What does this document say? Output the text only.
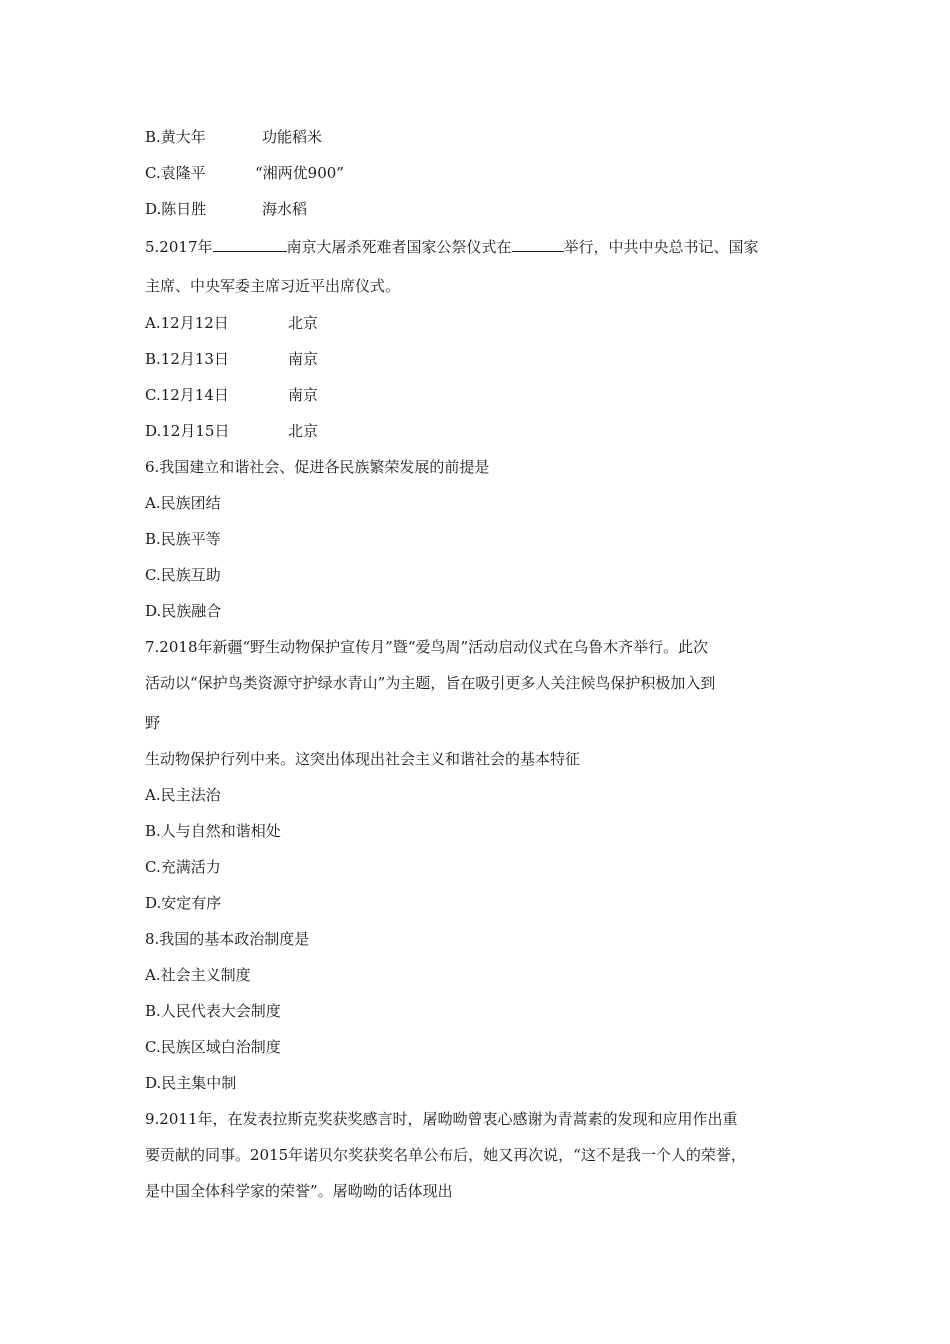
B.黄大年	功能稻米
C.袁隆平	“湘两优900”
D.陈日胜	海水稻
5.2017年	南京大屠杀死难者国家公祭仪式在	举行，中共中央总书记、国家
主席、中央军委主席习近平出席仪式。
A.12月12日	北京
B.12月13日	南京
C.12月14日	南京
D.12月15日	北京
6.我国建立和谐社会、促进各民族繁荣发展的前提是
A.民族团结
B.民族平等
C.民族互助
D.民族融合
7.2018年新疆“野生动物保护宣传月”暨“爱鸟周”活动启动仪式在乌鲁木齐举行。此次
活动以“保护鸟类资源守护绿水青山”为主题，旨在吸引更多人关注候鸟保护积极加入到
野
生动物保护行列中来。这突出体现出社会主义和谐社会的基本特征
A.民主法治
B.人与自然和谐相处
C.充满活力
D.安定有序
8.我国的基本政治制度是
A.社会主义制度
B.人民代表大会制度
C.民族区域白治制度
D.民主集中制
9.2011年，在发表拉斯克奖获奖感言时，屠呦呦曾衷心感谢为青蒿素的发现和应用作出重
要贡献的同事。2015年诺贝尔奖获奖名单公布后，她又再次说，“这不是我一个人的荣誉，
是中国全体科学家的荣誉”。屠呦呦的话体现出
